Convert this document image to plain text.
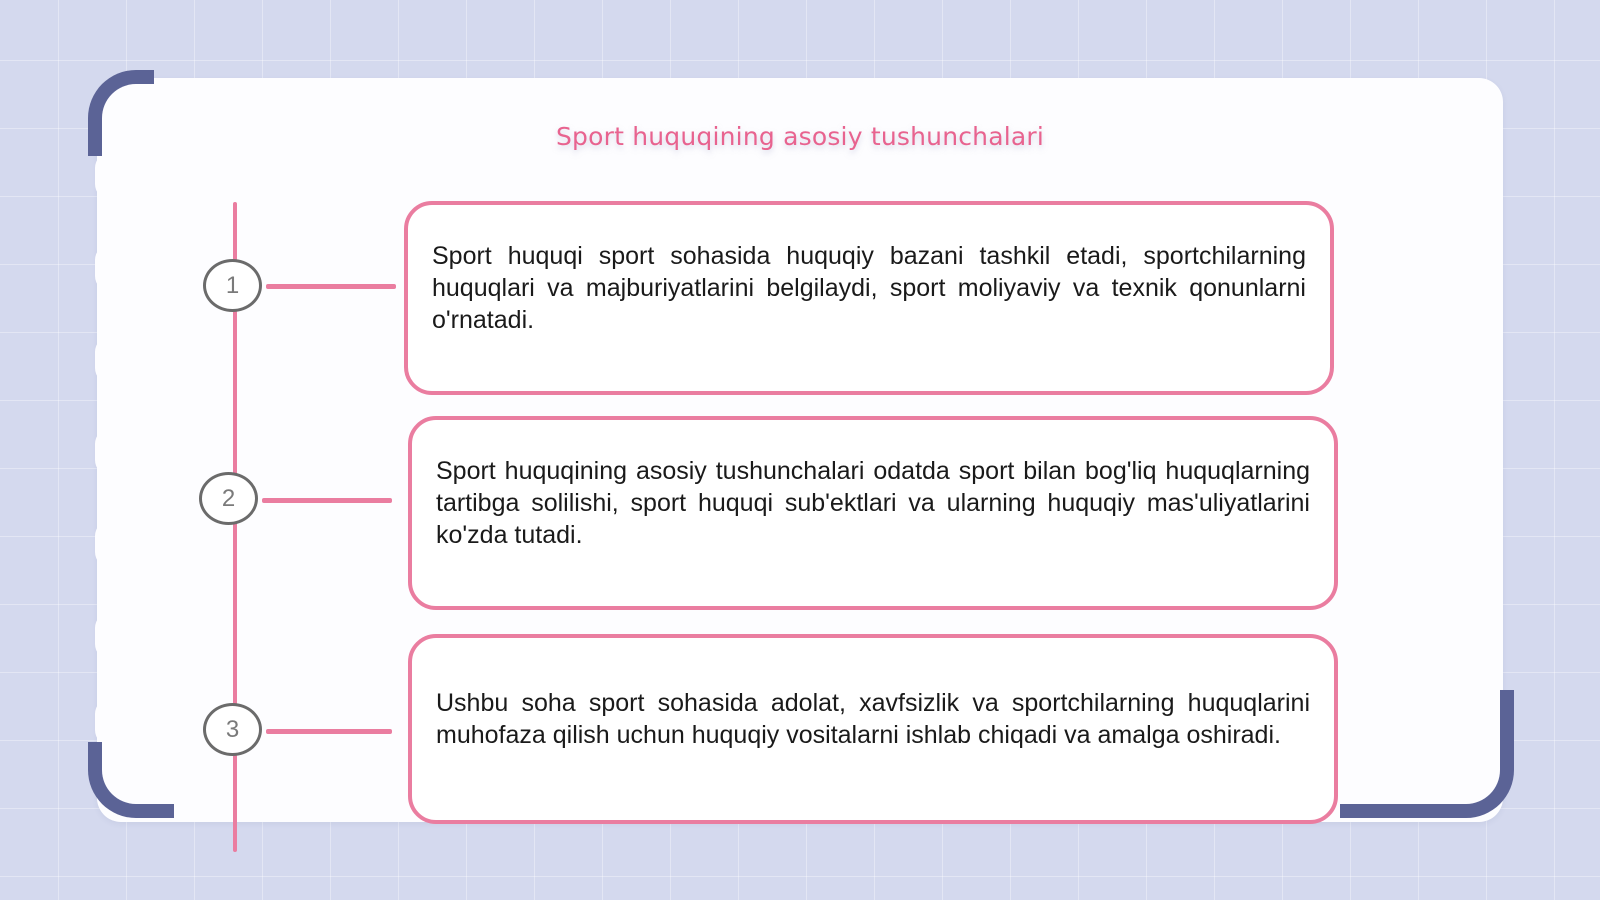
Sport huquqining asosiy tushunchalari
1
2
3
Sport huquqi sport sohasida huquqiy bazani tashkil etadi, sportchilarning huquqlari va majburiyatlarini belgilaydi, sport moliyaviy va texnik qonunlarni o'rnatadi.
Sport huquqining asosiy tushunchalari odatda sport bilan bog'liq huquqlarning tartibga solilishi, sport huquqi sub'ektlari va ularning huquqiy mas'uliyatlarini ko'zda tutadi.
Ushbu soha sport sohasida adolat, xavfsizlik va sportchilarning huquqlarini muhofaza qilish uchun huquqiy vositalarni ishlab chiqadi va amalga oshiradi.
